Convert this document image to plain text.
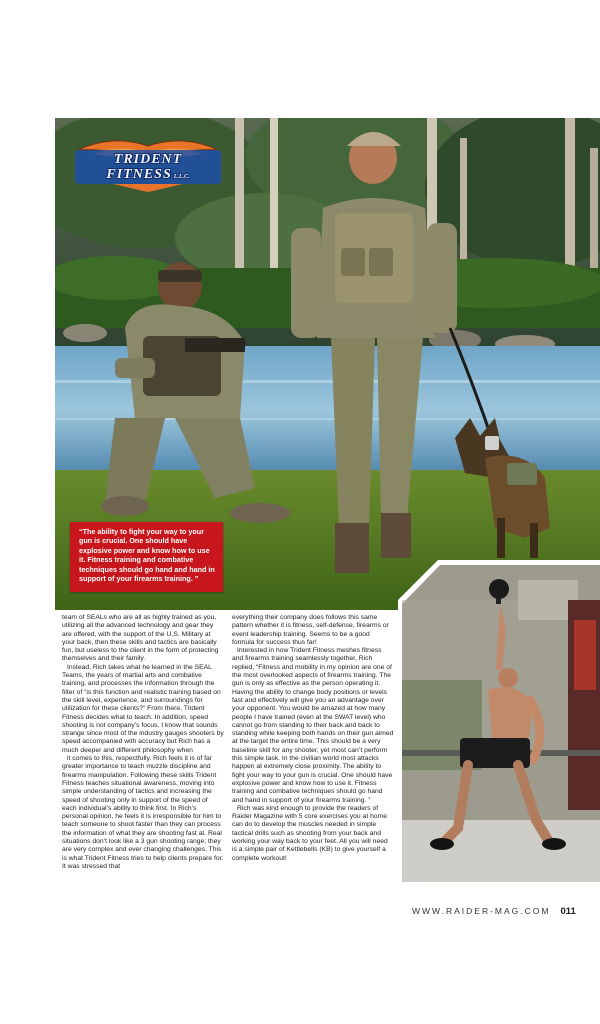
TRIDENT
FITNESS L.L.C.
“The ability to fight your way to your gun is crucial. One should have explosive power and know how to use it. Fitness training and combative techniques should go hand and hand in support of your firearms training. ”

team of SEALs who are all as highly trained as you, utilizing all the advanced technology and gear they are offered, with the support of the U.S. Military at your back, then these skills and tactics are basically fun, but useless to the client in the form of protecting themselves and their family.

Instead, Rich takes what he learned in the SEAL Teams, the years of martial arts and combative training, and processes the information through the filter of “is this function and realistic training based on the skill level, experience, and surroundings for utilization for these clients?” From there, Trident Fitness decides what to teach. In addition, speed shooting is not company’s focus. I know that sounds strange since most of the industry gauges shooters by speed accompanied with accuracy but Rich has a much deeper and different philosophy when

it comes to this, respectfully. Rich feels it is of far greater importance to teach muzzle discipline and firearms manipulation. Following these skills Trident Fitness teaches situational awareness, moving into simple understanding of tactics and increasing the speed of shooting only in support of the speed of each individual’s ability to think first. In Rich’s personal opinion, he feels it is irresponsible for him to teach someone to shoot faster than they can process the information of what they are shooting fast at. Real situations don’t look like a 3 gun shooting range; they are very complex and ever changing challenges. This is what Trident Fitness tries to help clients prepare for. It was stressed that

everything their company does follows this same pattern whether it is fitness, self-defense, firearms or event leadership training. Seems to be a good formula for success thus far!

Interested in how Trident Fitness meshes fitness and firearms training seamlessly together, Rich replied, “Fitness and mobility in my opinion are one of the most overlooked aspects of firearms training. The gun is only as effective as the person operating it. Having the ability to change body positions or levels fast and effectively will give you an advantage over your opponent. You would be amazed at how many people I have trained (even at the SWAT level) who cannot go from standing to their back and back to standing while keeping both hands on their gun aimed at the target the entire time. This should be a very baseline skill for any shooter, yet most can’t perform this simple task. In the civilian world most attacks happen at extremely close proximity. The ability to fight your way to your gun is crucial. One should have explosive power and know how to use it. Fitness training and combative techniques should go hand and hand in support of your firearms training. ”

Rich was kind enough to provide the readers of Raider Magazine with 5 core exercises you at home can do to develop the muscles needed in simple tactical drills such as shooting from your back and working your way back to your feet. All you will need is a simple pair of Kettlebells (KB) to give yourself a complete workout!

WWW.RAIDER-MAG.COM 011
